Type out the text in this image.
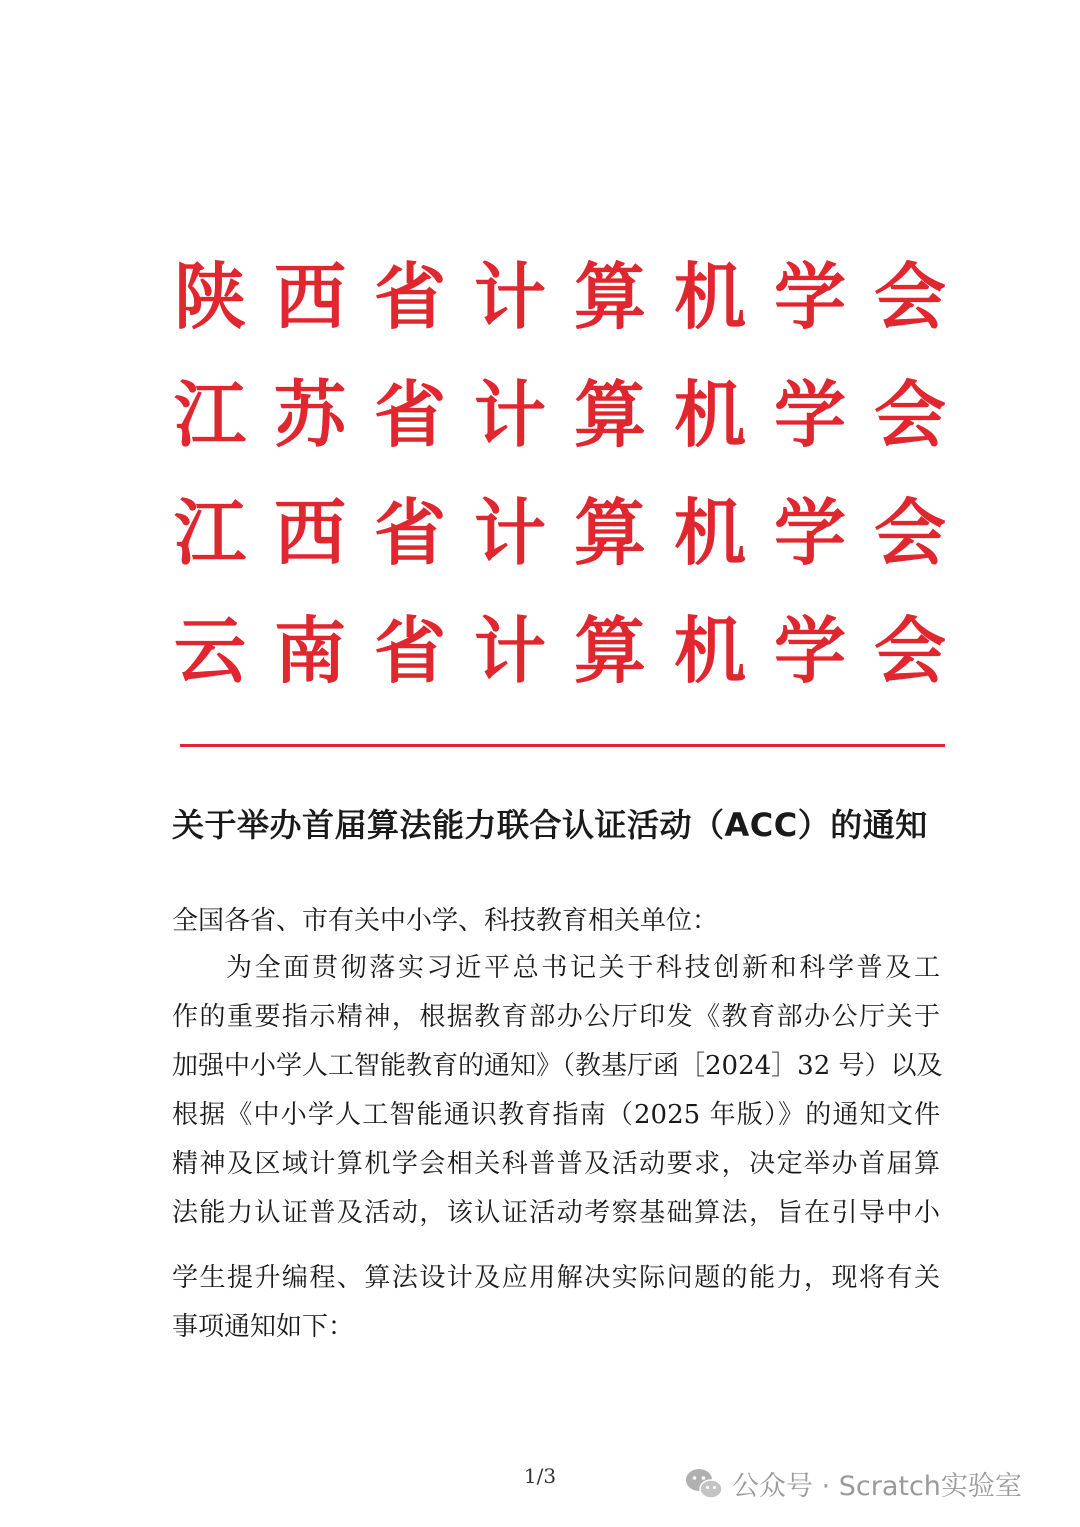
陕 西 省 计 算 机 学 会
江 苏 省 计 算 机 学 会
江 西 省 计 算 机 学 会
云 南 省 计 算 机 学 会
关于举办首届算法能力联合认证活动（ACC）的通知
全国各省、市有关中小学、科技教育相关单位：
为全面贯彻落实习近平总书记关于科技创新和科学普及工
作的重要指示精神，根据教育部办公厅印发《教育部办公厅关于
加强中小学人工智能教育的通知》（教基厅函［2024］32 号）以及
根据《中小学人工智能通识教育指南（2025 年版）》的通知文件
精神及区域计算机学会相关科普普及活动要求，决定举办首届算
法能力认证普及活动，该认证活动考察基础算法，旨在引导中小
学生提升编程、算法设计及应用解决实际问题的能力，现将有关
事项通知如下：
1/3	公众号 · Scratch实验室
